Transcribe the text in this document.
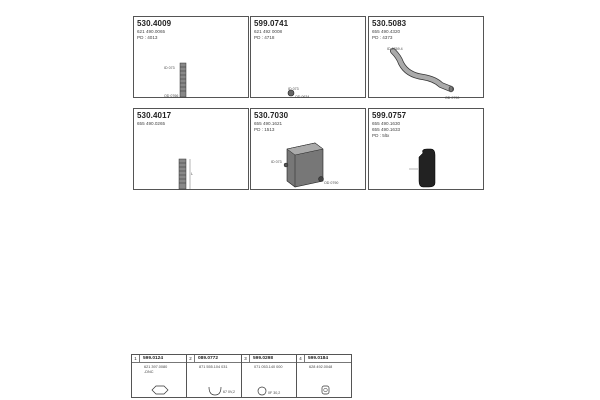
530.4009
621 490.0065
PD : 4013
ID 073
OD 0766
599.0741
621 492 0008
PD : 4718
ID 073
OD 0634
530.5083
655 490.4320
PD : 4373
ID 0769.4
OD 0790
530.4017
655 490.0265
L
530.7030
655 490.1621
PD : 1513
ID 073
OD 0790
599.0757
655 490.1630
655 490.1633
PD : 5ltx
1	599.0124
621 397.0080
-DNC
2	089.0772
871 555.104 031
67 0V,2
3	599.0298
071 053.140 000
0F 30,2
4	599.0184
628 492.0048
